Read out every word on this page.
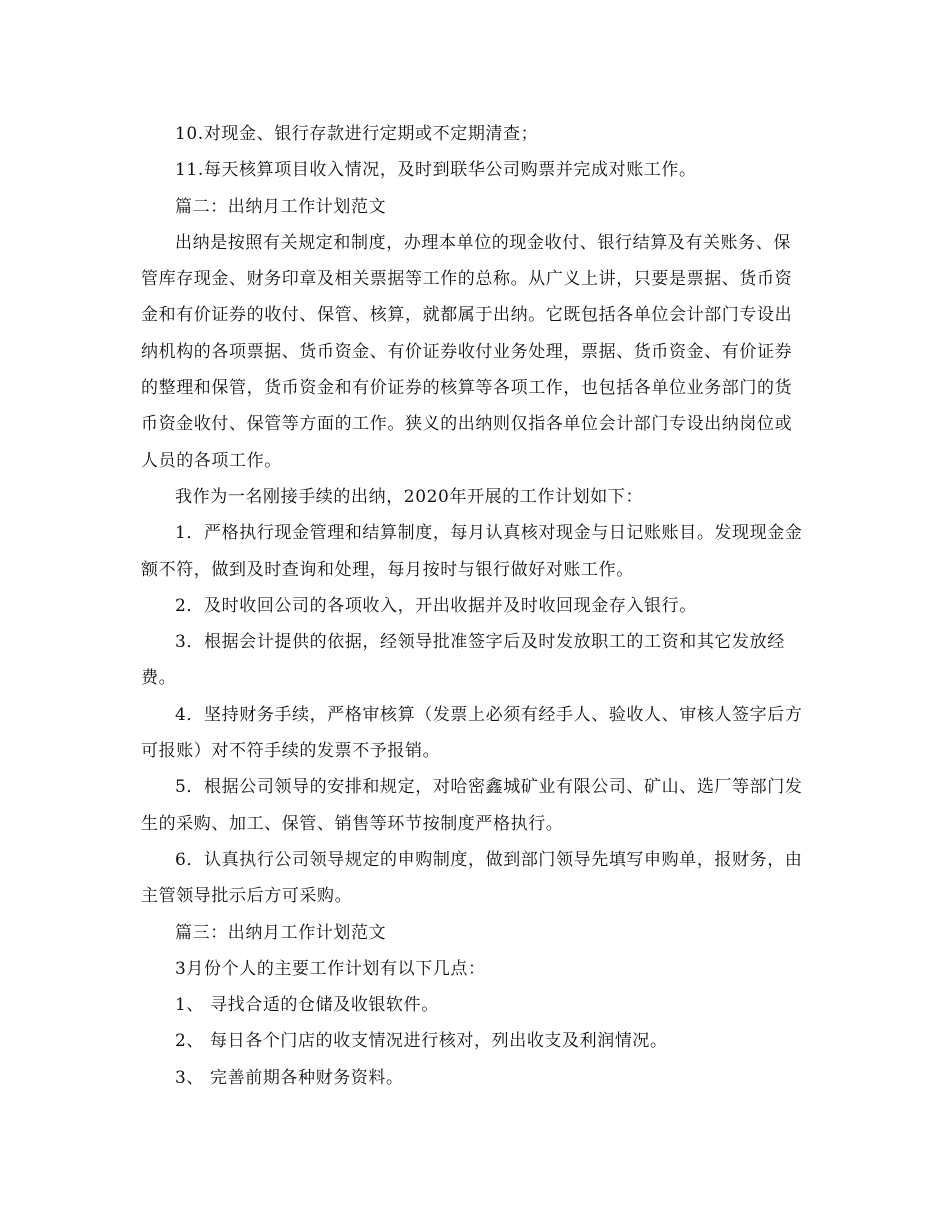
10.对现金、银行存款进行定期或不定期清查；

11.每天核算项目收入情况，及时到联华公司购票并完成对账工作。

篇二：出纳月工作计划范文

出纳是按照有关规定和制度，办理本单位的现金收付、银行结算及有关账务、保管库存现金、财务印章及相关票据等工作的总称。从广义上讲，只要是票据、货币资金和有价证券的收付、保管、核算，就都属于出纳。它既包括各单位会计部门专设出纳机构的各项票据、货币资金、有价证券收付业务处理，票据、货币资金、有价证券的整理和保管，货币资金和有价证券的核算等各项工作，也包括各单位业务部门的货币资金收付、保管等方面的工作。狭义的出纳则仅指各单位会计部门专设出纳岗位或人员的各项工作。

我作为一名刚接手续的出纳，2020年开展的工作计划如下：

1．严格执行现金管理和结算制度，每月认真核对现金与日记账账目。发现现金金额不符，做到及时查询和处理，每月按时与银行做好对账工作。

2．及时收回公司的各项收入，开出收据并及时收回现金存入银行。

3．根据会计提供的依据，经领导批准签字后及时发放职工的工资和其它发放经费。

4．坚持财务手续，严格审核算（发票上必须有经手人、验收人、审核人签字后方可报账）对不符手续的发票不予报销。

5．根据公司领导的安排和规定，对哈密鑫城矿业有限公司、矿山、选厂等部门发生的采购、加工、保管、销售等环节按制度严格执行。

6．认真执行公司领导规定的申购制度，做到部门领导先填写申购单，报财务，由主管领导批示后方可采购。

篇三：出纳月工作计划范文

3月份个人的主要工作计划有以下几点：

1、 寻找合适的仓储及收银软件。

2、 每日各个门店的收支情况进行核对，列出收支及利润情况。

3、 完善前期各种财务资料。
